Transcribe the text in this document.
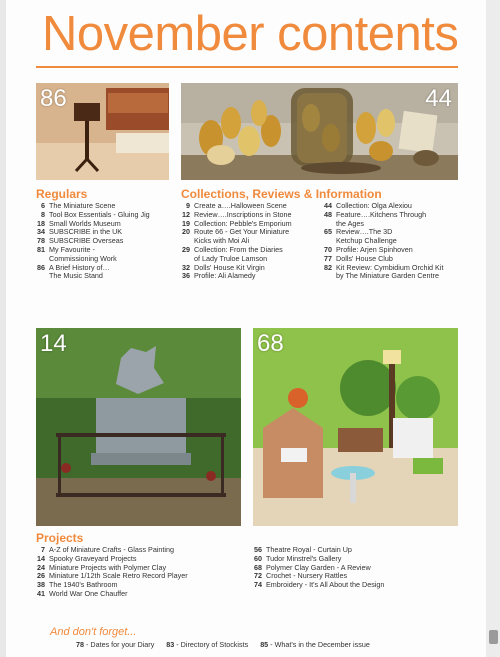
44
November contents
86
Regulars
6 The Miniature Scene
8 Tool Box Essentials - Gluing Jig
18 Small Worlds Museum
34 SUBSCRIBE in the UK
78 SUBSCRIBE Overseas
81 My Favourite -
Commissioning Work
86 A Brief History of…
The Music Stand
Collections, Reviews & Information
9 Create a….Halloween Scene
12 Review….Inscriptions in Stone
19 Collection: Pebble's Emporium
20 Route 66 - Get Your Miniature
Kicks with Moi Ali
29 Collection: From the Diaries
of Lady Truloe Lamson
32 Dolls' House Kit Virgin
36 Profile: Ali Alamedy
44 Collection: Olga Alexiou
48 Feature….Kitchens Through
the Ages
65 Review….The 3D
Ketchup Challenge
70 Profile: Arjen Spinhoven
77 Dolls' House Club
82 Kit Review: Cymbidium Orchid Kit
by The Miniature Garden Centre
14	68
Projects
7 A-Z of Miniature Crafts - Glass Painting
14 Spooky Graveyard Projects
24 Miniature Projects with Polymer Clay
26 Miniature 1/12th Scale Retro Record Player
38 The 1940's Bathroom
41 World War One Chauffer
56 Theatre Royal - Curtain Up
60 Tudor Minstrel's Gallery
68 Polymer Clay Garden - A Review
72 Crochet - Nursery Rattles
74 Embroidery - It's All About the Design
And don't forget...
78 - Dates for your Diary 83 - Directory of Stockists 85 - What's in the December issue
